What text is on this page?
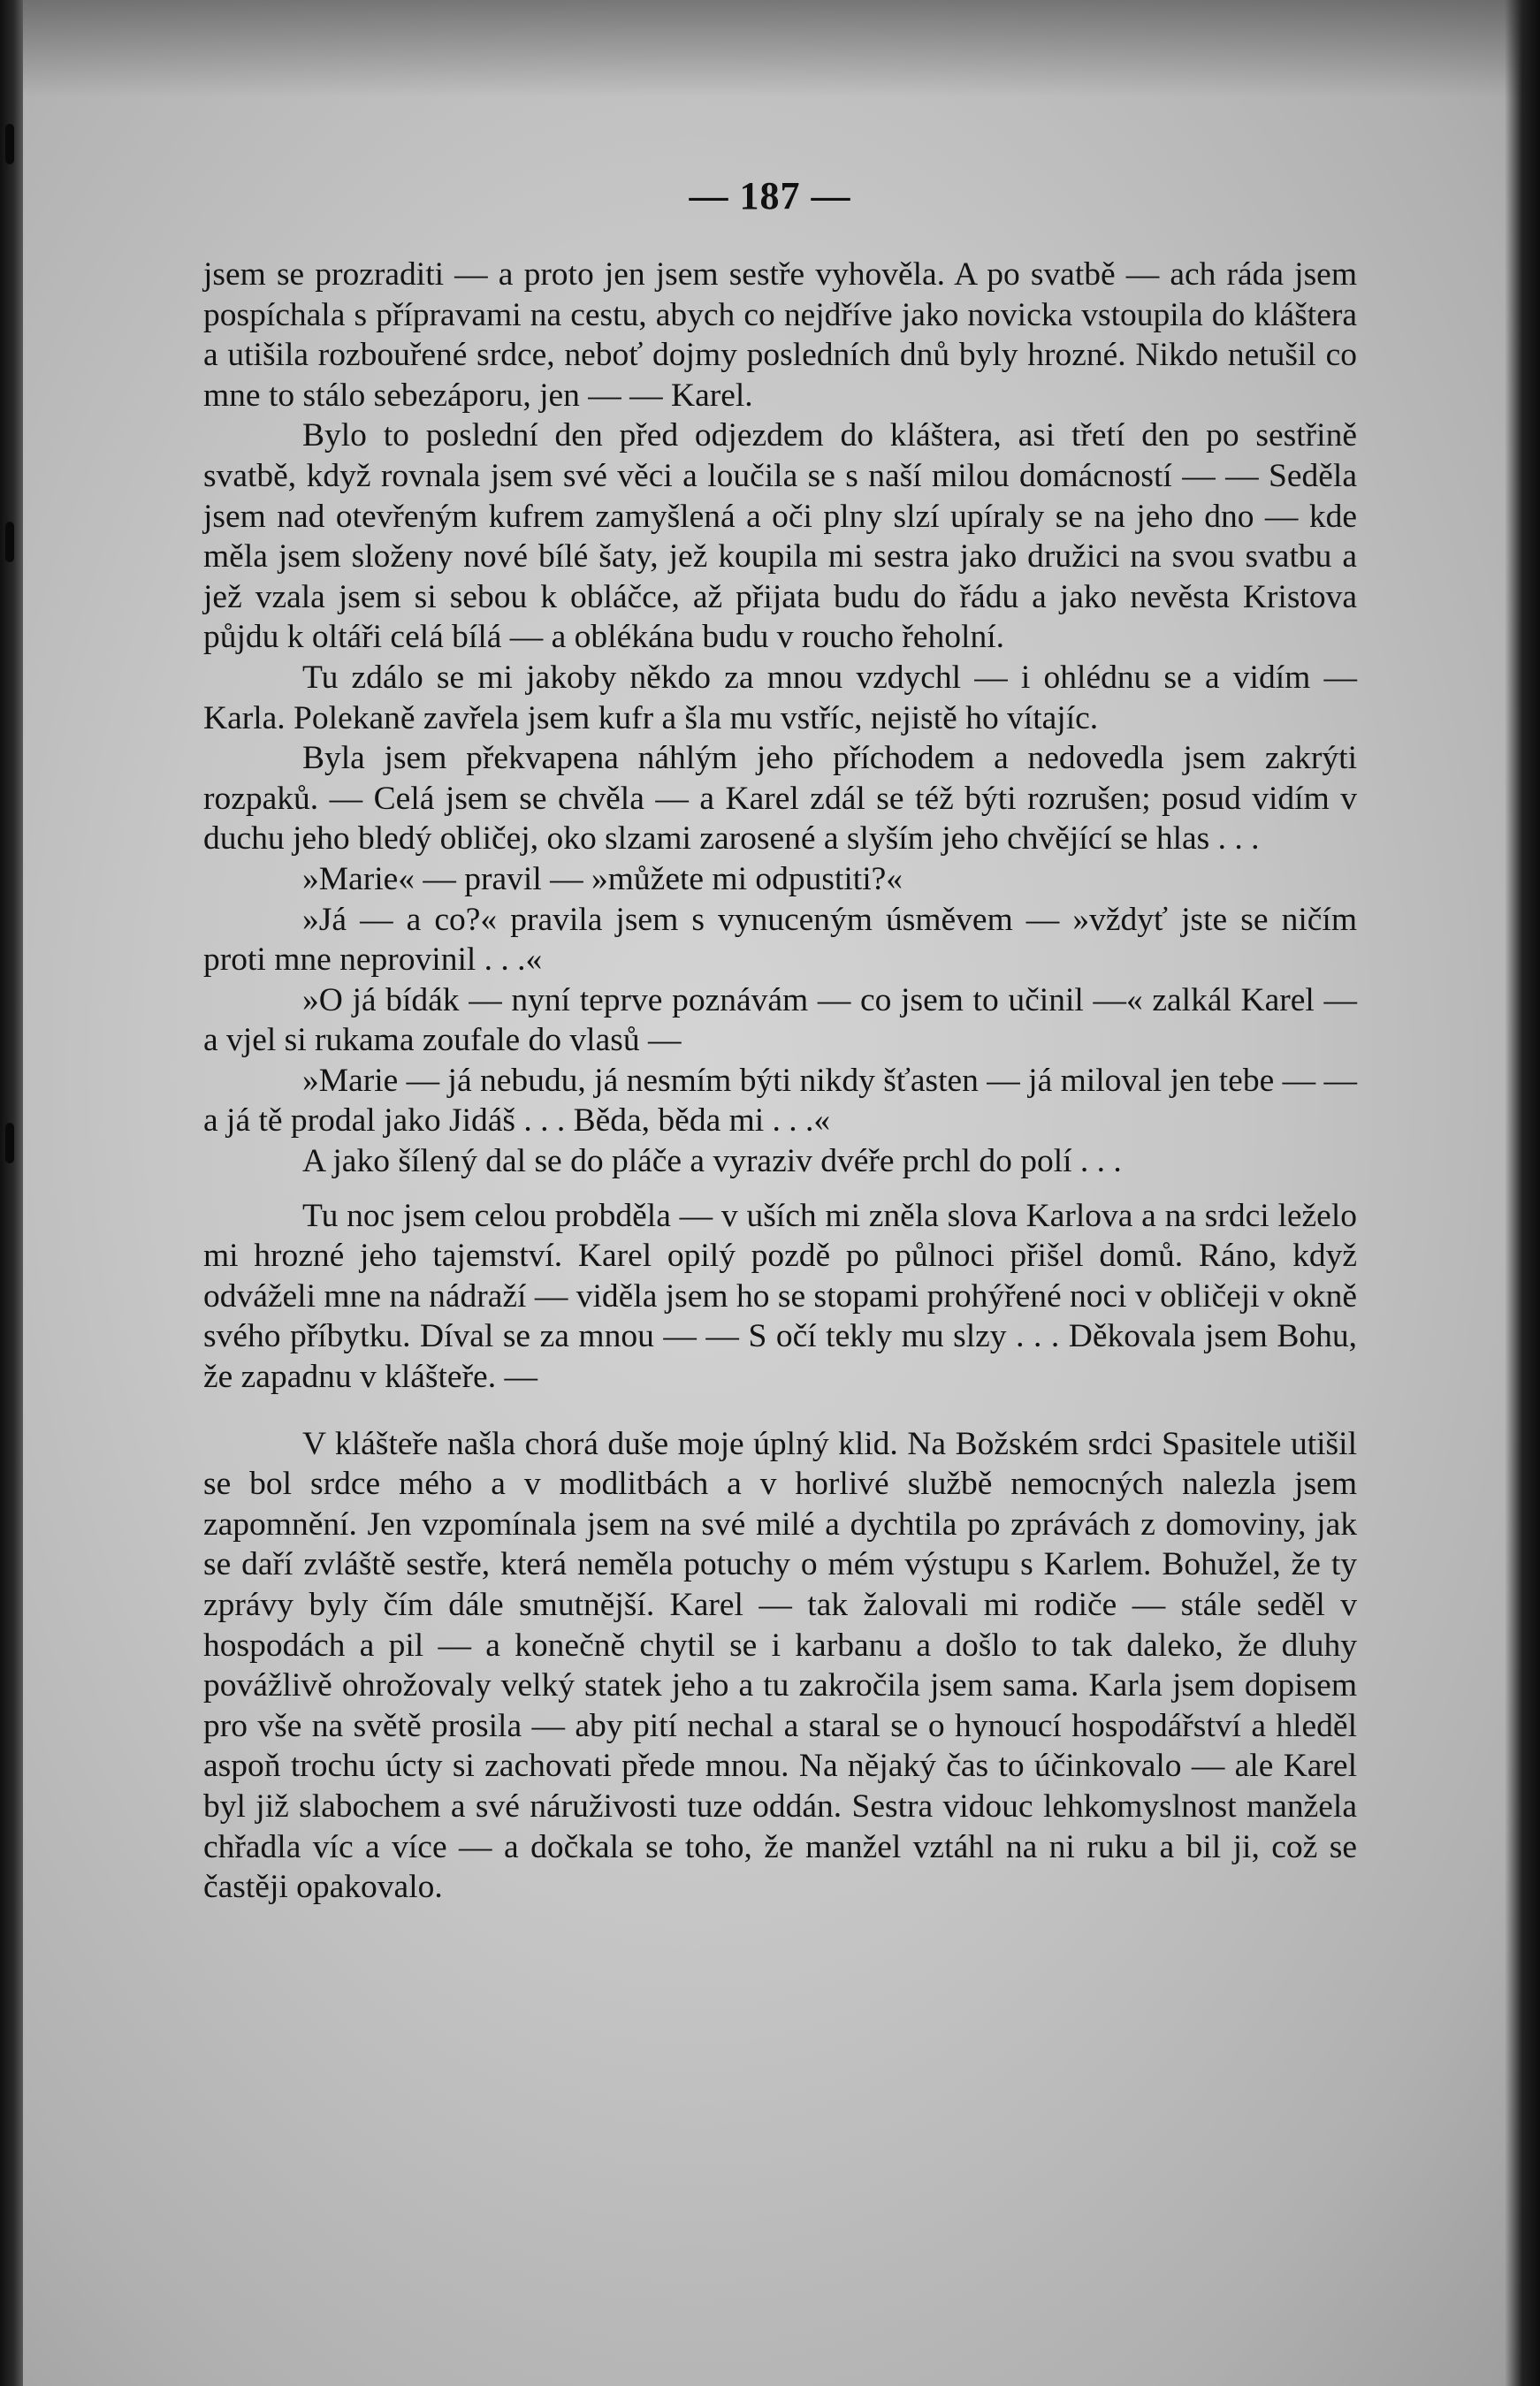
— 187 —

jsem se prozraditi — a proto jen jsem sestře vyhověla. A po svatbě — ach ráda jsem pospíchala s přípravami na cestu, abych co nejdříve jako novicka vstoupila do kláštera a utišila rozbouřené srdce, neboť dojmy posledních dnů byly hrozné. Nikdo netušil co mne to stálo sebezáporu, jen — — Karel.

Bylo to poslední den před odjezdem do kláštera, asi třetí den po sestřině svatbě, když rovnala jsem své věci a loučila se s naší milou domácností — — Seděla jsem nad otevřeným kufrem zamyšlená a oči plny slzí upíraly se na jeho dno — kde měla jsem složeny nové bílé šaty, jež koupila mi sestra jako družici na svou svatbu a jež vzala jsem si sebou k obláčce, až přijata budu do řádu a jako nevěsta Kristova půjdu k oltáři celá bílá — a oblékána budu v roucho řeholní.

Tu zdálo se mi jakoby někdo za mnou vzdychl — i ohlédnu se a vidím — Karla. Polekaně zavřela jsem kufr a šla mu vstříc, nejistě ho vítajíc.

Byla jsem překvapena náhlým jeho příchodem a nedovedla jsem zakrýti rozpaků. — Celá jsem se chvěla — a Karel zdál se též býti rozrušen; posud vidím v duchu jeho bledý obličej, oko slzami zarosené a slyším jeho chvějící se hlas . . .

»Marie« — pravil — »můžete mi odpustiti?«

»Já — a co?« pravila jsem s vynuceným úsměvem — »vždyť jste se ničím proti mne neprovinil . . .«

»O já bídák — nyní teprve poznávám — co jsem to učinil —« zalkál Karel — a vjel si rukama zoufale do vlasů —

»Marie — já nebudu, já nesmím býti nikdy šťasten — já miloval jen tebe — — a já tě prodal jako Jidáš . . . Běda, běda mi . . .«

A jako šílený dal se do pláče a vyraziv dvéře prchl do polí . . .

Tu noc jsem celou probděla — v uších mi zněla slova Karlova a na srdci leželo mi hrozné jeho tajemství. Karel opilý pozdě po půlnoci přišel domů. Ráno, když odváželi mne na nádraží — viděla jsem ho se stopami prohýřené noci v obličeji v okně svého příbytku. Díval se za mnou — — S očí tekly mu slzy . . . Děkovala jsem Bohu, že zapadnu v klášteře. —

V klášteře našla chorá duše moje úplný klid. Na Božském srdci Spasitele utišil se bol srdce mého a v modlitbách a v horlivé službě nemocných nalezla jsem zapomnění. Jen vzpomínala jsem na své milé a dychtila po zprávách z domoviny, jak se daří zvláště sestře, která neměla potuchy o mém výstupu s Karlem. Bohužel, že ty zprávy byly čím dále smutnější. Karel — tak žalovali mi rodiče — stále seděl v hospodách a pil — a konečně chytil se i karbanu a došlo to tak daleko, že dluhy povážlivě ohrožovaly velký statek jeho a tu zakročila jsem sama. Karla jsem dopisem pro vše na světě prosila — aby pití nechal a staral se o hynoucí hospodářství a hleděl aspoň trochu úcty si zachovati přede mnou. Na nějaký čas to účinkovalo — ale Karel byl již slabochem a své náruživosti tuze oddán. Sestra vidouc lehkomyslnost manžela chřadla víc a více — a dočkala se toho, že manžel vztáhl na ni ruku a bil ji, což se častěji opakovalo.
